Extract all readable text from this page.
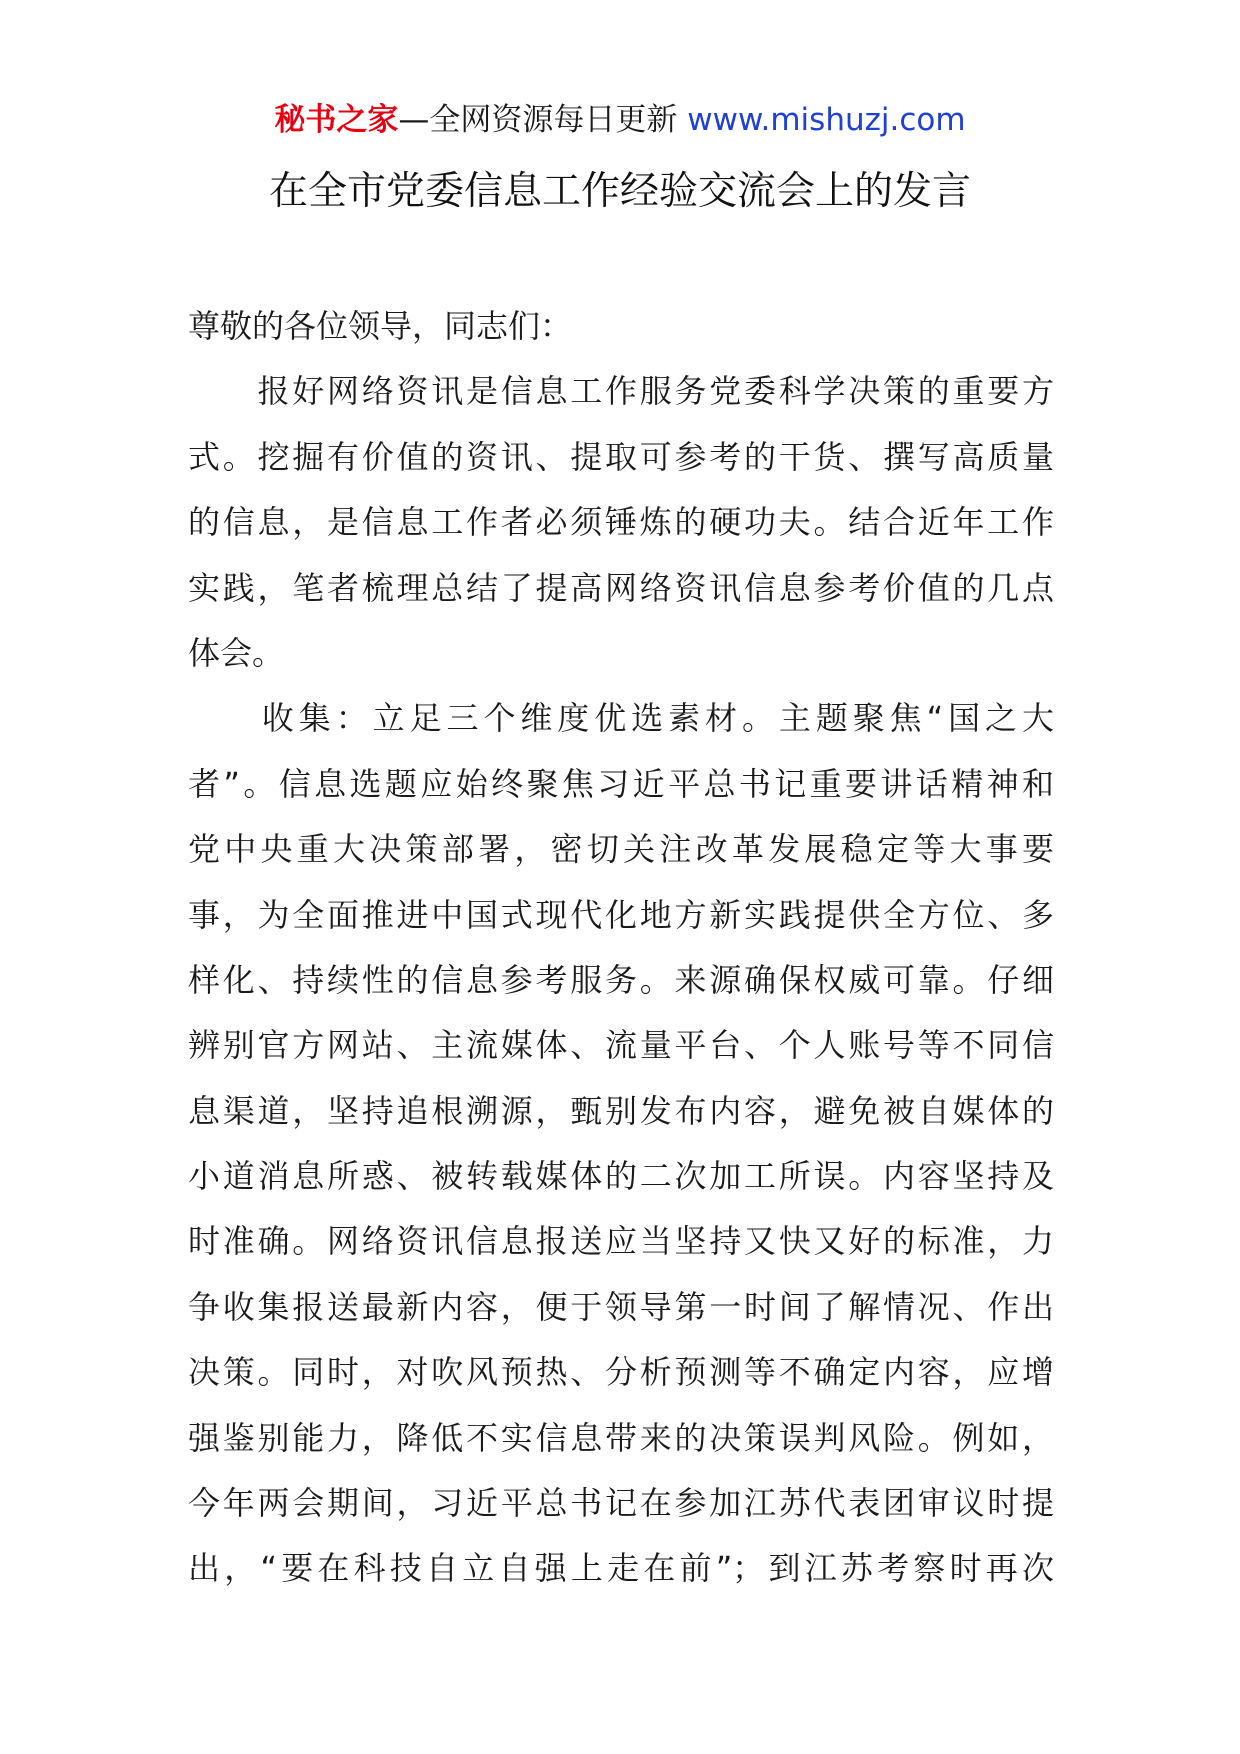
秘书之家—全网资源每日更新 www.mishuzj.com
在全市党委信息工作经验交流会上的发言
尊敬的各位领导，同志们：
　　报好网络资讯是信息工作服务党委科学决策的重要方
式。挖掘有价值的资讯、提取可参考的干货、撰写高质量
的信息，是信息工作者必须锤炼的硬功夫。结合近年工作
实践，笔者梳理总结了提高网络资讯信息参考价值的几点
体会。
　　收集：立足三个维度优选素材。主题聚焦“国之大
者”。信息选题应始终聚焦习近平总书记重要讲话精神和
党中央重大决策部署，密切关注改革发展稳定等大事要
事，为全面推进中国式现代化地方新实践提供全方位、多
样化、持续性的信息参考服务。来源确保权威可靠。仔细
辨别官方网站、主流媒体、流量平台、个人账号等不同信
息渠道，坚持追根溯源，甄别发布内容，避免被自媒体的
小道消息所惑、被转载媒体的二次加工所误。内容坚持及
时准确。网络资讯信息报送应当坚持又快又好的标准，力
争收集报送最新内容，便于领导第一时间了解情况、作出
决策。同时，对吹风预热、分析预测等不确定内容，应增
强鉴别能力，降低不实信息带来的决策误判风险。例如，
今年两会期间，习近平总书记在参加江苏代表团审议时提
出，“要在科技自立自强上走在前”；到江苏考察时再次
